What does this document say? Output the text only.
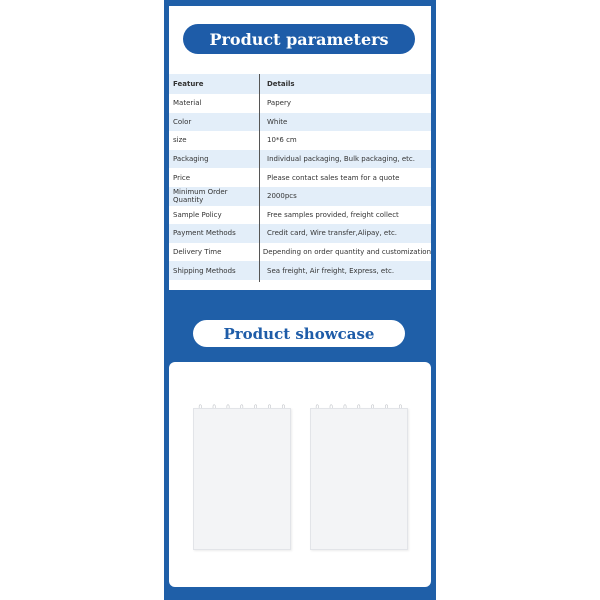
Product parameters
Feature	Details
Material	Papery
Color	White
size	10*6 cm
Packaging	Individual packaging, Bulk packaging, etc.
Price	Please contact sales team for a quote
Minimum Order Quantity	2000pcs
Sample Policy	Free samples provided, freight collect
Payment Methods	Credit card, Wire transfer,Alipay, etc.
Delivery Time	Depending on order quantity and customization
Shipping Methods	Sea freight, Air freight, Express, etc.
Product showcase
∩ ∩ ∩ ∩ ∩ ∩ ∩	∩ ∩ ∩ ∩ ∩ ∩ ∩
